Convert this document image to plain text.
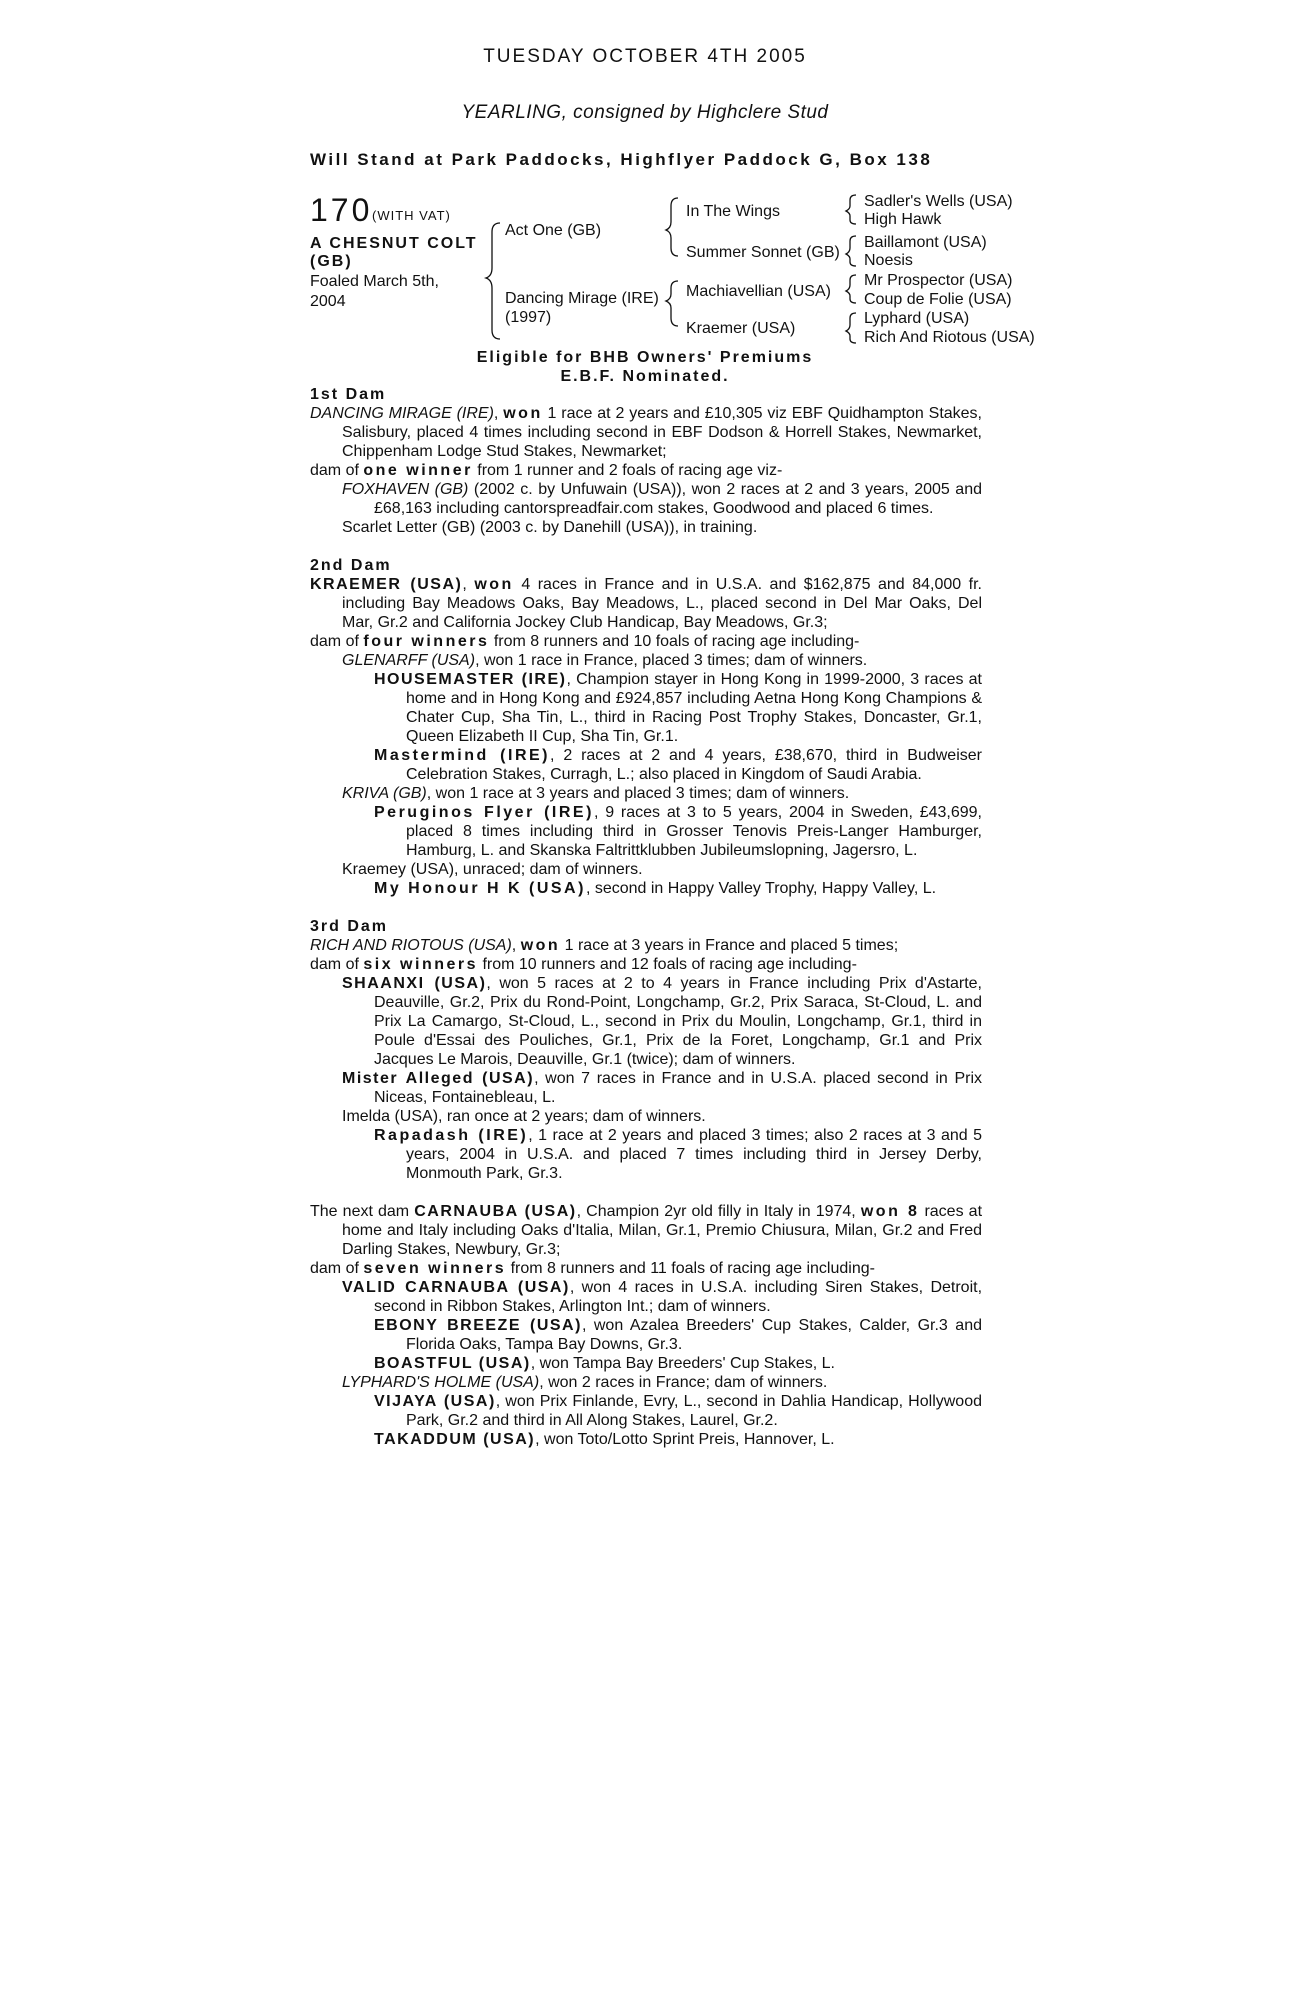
TUESDAY OCTOBER 4TH 2005
YEARLING, consigned by Highclere Stud
Will Stand at Park Paddocks, Highflyer Paddock G, Box 138
170 (WITH VAT)
A CHESNUT COLT (GB)
Foaled March 5th, 2004
Act One (GB)
Dancing Mirage (IRE)
(1997)
In The Wings
Summer Sonnet (GB)
Machiavellian (USA)
Kraemer (USA)
Sadler's Wells (USA)
High Hawk
Baillamont (USA)
Noesis
Mr Prospector (USA)
Coup de Folie (USA)
Lyphard (USA)
Rich And Riotous (USA)
Eligible for BHB Owners' Premiums
E.B.F. Nominated.

1st Dam

DANCING MIRAGE (IRE), won 1 race at 2 years and £10,305 viz EBF Quidhampton Stakes, Salisbury, placed 4 times including second in EBF Dodson & Horrell Stakes, Newmarket, Chippenham Lodge Stud Stakes, Newmarket;

dam of one winner from 1 runner and 2 foals of racing age viz-

FOXHAVEN (GB) (2002 c. by Unfuwain (USA)), won 2 races at 2 and 3 years, 2005 and £68,163 including cantorspreadfair.com stakes, Goodwood and placed 6 times.

Scarlet Letter (GB) (2003 c. by Danehill (USA)), in training.

2nd Dam

KRAEMER (USA), won 4 races in France and in U.S.A. and $162,875 and 84,000 fr. including Bay Meadows Oaks, Bay Meadows, L., placed second in Del Mar Oaks, Del Mar, Gr.2 and California Jockey Club Handicap, Bay Meadows, Gr.3;

dam of four winners from 8 runners and 10 foals of racing age including-

GLENARFF (USA), won 1 race in France, placed 3 times; dam of winners.

HOUSEMASTER (IRE), Champion stayer in Hong Kong in 1999-2000, 3 races at home and in Hong Kong and £924,857 including Aetna Hong Kong Champions & Chater Cup, Sha Tin, L., third in Racing Post Trophy Stakes, Doncaster, Gr.1, Queen Elizabeth II Cup, Sha Tin, Gr.1.

Mastermind (IRE), 2 races at 2 and 4 years, £38,670, third in Budweiser Celebration Stakes, Curragh, L.; also placed in Kingdom of Saudi Arabia.

KRIVA (GB), won 1 race at 3 years and placed 3 times; dam of winners.

Peruginos Flyer (IRE), 9 races at 3 to 5 years, 2004 in Sweden, £43,699, placed 8 times including third in Grosser Tenovis Preis-Langer Hamburger, Hamburg, L. and Skanska Faltrittklubben Jubileumslopning, Jagersro, L.

Kraemey (USA), unraced; dam of winners.

My Honour H K (USA), second in Happy Valley Trophy, Happy Valley, L.

3rd Dam

RICH AND RIOTOUS (USA), won 1 race at 3 years in France and placed 5 times;

dam of six winners from 10 runners and 12 foals of racing age including-

SHAANXI (USA), won 5 races at 2 to 4 years in France including Prix d'Astarte, Deauville, Gr.2, Prix du Rond-Point, Longchamp, Gr.2, Prix Saraca, St-Cloud, L. and Prix La Camargo, St-Cloud, L., second in Prix du Moulin, Longchamp, Gr.1, third in Poule d'Essai des Pouliches, Gr.1, Prix de la Foret, Longchamp, Gr.1 and Prix Jacques Le Marois, Deauville, Gr.1 (twice); dam of winners.

Mister Alleged (USA), won 7 races in France and in U.S.A. placed second in Prix Niceas, Fontainebleau, L.

Imelda (USA), ran once at 2 years; dam of winners.

Rapadash (IRE), 1 race at 2 years and placed 3 times; also 2 races at 3 and 5 years, 2004 in U.S.A. and placed 7 times including third in Jersey Derby, Monmouth Park, Gr.3.

The next dam CARNAUBA (USA), Champion 2yr old filly in Italy in 1974, won 8 races at home and Italy including Oaks d'Italia, Milan, Gr.1, Premio Chiusura, Milan, Gr.2 and Fred Darling Stakes, Newbury, Gr.3;

dam of seven winners from 8 runners and 11 foals of racing age including-

VALID CARNAUBA (USA), won 4 races in U.S.A. including Siren Stakes, Detroit, second in Ribbon Stakes, Arlington Int.; dam of winners.

EBONY BREEZE (USA), won Azalea Breeders' Cup Stakes, Calder, Gr.3 and Florida Oaks, Tampa Bay Downs, Gr.3.

BOASTFUL (USA), won Tampa Bay Breeders' Cup Stakes, L.

LYPHARD'S HOLME (USA), won 2 races in France; dam of winners.

VIJAYA (USA), won Prix Finlande, Evry, L., second in Dahlia Handicap, Hollywood Park, Gr.2 and third in All Along Stakes, Laurel, Gr.2.

TAKADDUM (USA), won Toto/Lotto Sprint Preis, Hannover, L.
